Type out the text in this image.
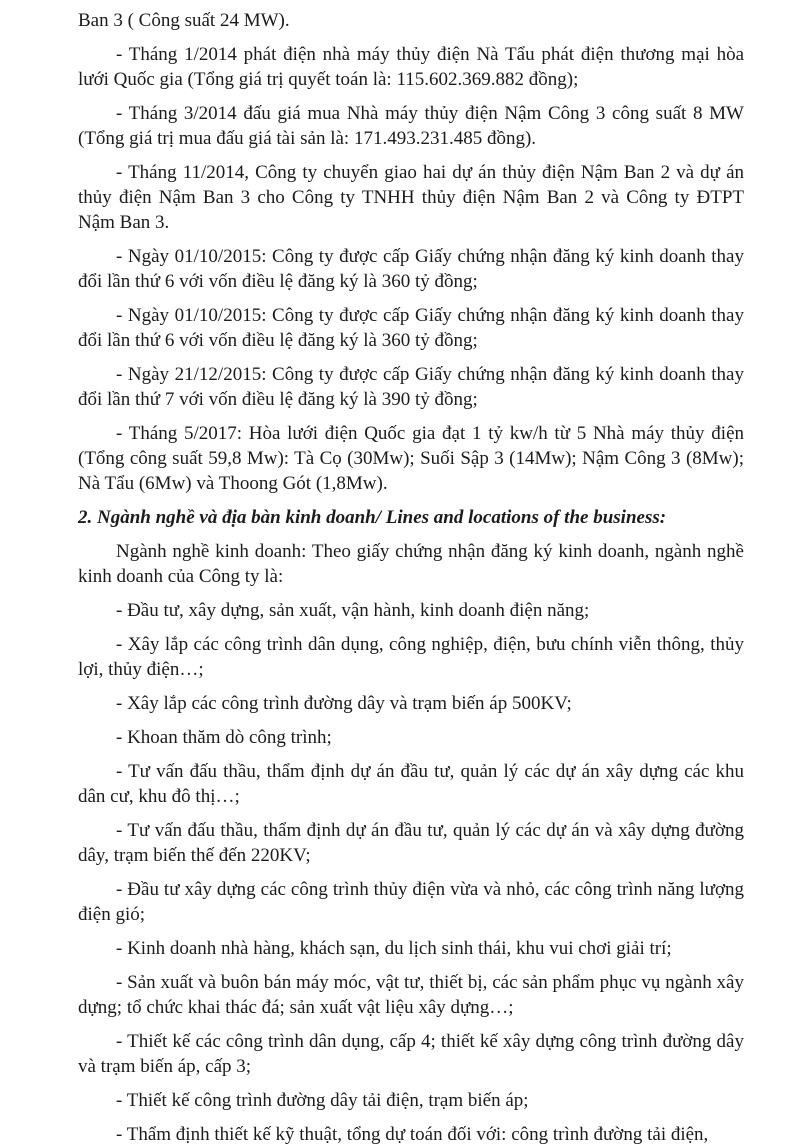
Ban 3 ( Công suất 24 MW).

- Tháng 1/2014 phát điện nhà máy thủy điện Nà Tẩu phát điện thương mại hòa lưới Quốc gia (Tổng giá trị quyết toán là: 115.602.369.882 đồng);

- Tháng 3/2014 đấu giá mua Nhà máy thủy điện Nậm Công 3 công suất 8 MW (Tổng giá trị mua đấu giá tài sản là: 171.493.231.485 đồng).

- Tháng 11/2014, Công ty chuyển giao hai dự án thủy điện Nậm Ban 2 và dự án thủy điện Nậm Ban 3 cho Công ty TNHH thủy điện Nậm Ban 2 và Công ty ĐTPT Nậm Ban 3.

- Ngày 01/10/2015: Công ty được cấp Giấy chứng nhận đăng ký kinh doanh thay đổi lần thứ 6 với vốn điều lệ đăng ký là 360 tỷ đồng;

- Ngày 01/10/2015: Công ty được cấp Giấy chứng nhận đăng ký kinh doanh thay đổi lần thứ 6 với vốn điều lệ đăng ký là 360 tỷ đồng;

- Ngày 21/12/2015: Công ty được cấp Giấy chứng nhận đăng ký kinh doanh thay đổi lần thứ 7 với vốn điều lệ đăng ký là 390 tỷ đồng;

- Tháng 5/2017: Hòa lưới điện Quốc gia đạt 1 tỷ kw/h từ 5 Nhà máy thủy điện (Tổng công suất 59,8 Mw): Tà Cọ (30Mw); Suối Sập 3 (14Mw); Nậm Công 3 (8Mw); Nà Tẩu (6Mw) và Thoong Gót (1,8Mw).

2. Ngành nghề và địa bàn kinh doanh/ Lines and locations of the business:

Ngành nghề kinh doanh: Theo giấy chứng nhận đăng ký kinh doanh, ngành nghề kinh doanh của Công ty là:

- Đầu tư, xây dựng, sản xuất, vận hành, kinh doanh điện năng;

- Xây lắp các công trình dân dụng, công nghiệp, điện, bưu chính viễn thông, thủy lợi, thủy điện…;

- Xây lắp các công trình đường dây và trạm biến áp 500KV;

- Khoan thăm dò công trình;

- Tư vấn đấu thầu, thẩm định dự án đầu tư, quản lý các dự án xây dựng các khu dân cư, khu đô thị…;

- Tư vấn đấu thầu, thẩm định dự án đầu tư, quản lý các dự án và xây dựng đường dây, trạm biến thế đến 220KV;

- Đầu tư xây dựng các công trình thủy điện vừa và nhỏ, các công trình năng lượng điện gió;

- Kinh doanh nhà hàng, khách sạn, du lịch sinh thái, khu vui chơi giải trí;

- Sản xuất và buôn bán máy móc, vật tư, thiết bị, các sản phẩm phục vụ ngành xây dựng; tổ chức khai thác đá; sản xuất vật liệu xây dựng…;

- Thiết kế các công trình dân dụng, cấp 4; thiết kế xây dựng công trình đường dây và trạm biến áp, cấp 3;

- Thiết kế công trình đường dây tải điện, trạm biến áp;

- Thẩm định thiết kế kỹ thuật, tổng dự toán đối với: công trình đường tải điện,
